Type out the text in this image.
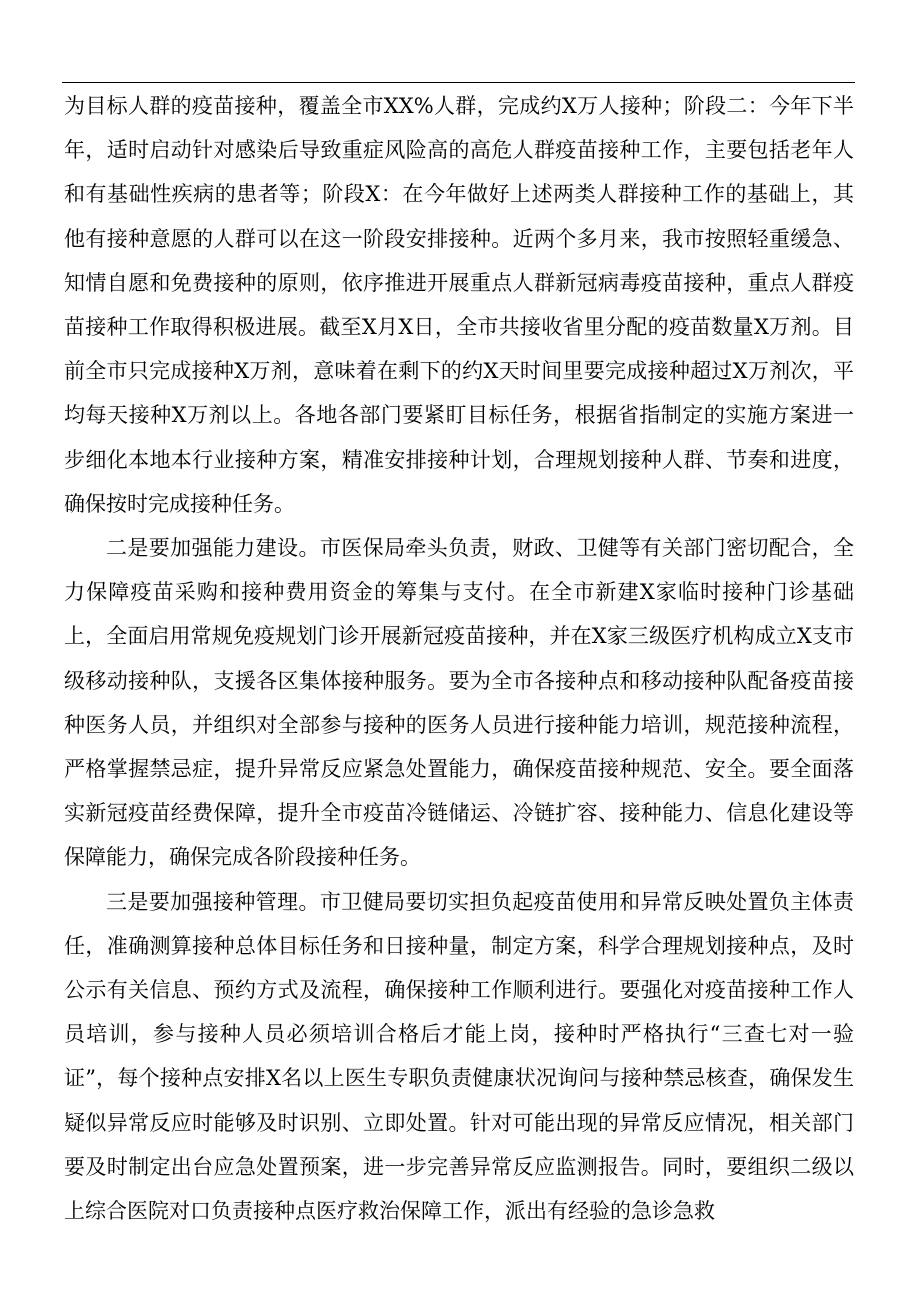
为目标人群的疫苗接种，覆盖全市XX%人群，完成约X万人接种；阶段二：今年下半年，适时启动针对感染后导致重症风险高的高危人群疫苗接种工作，主要包括老年人和有基础性疾病的患者等；阶段X：在今年做好上述两类人群接种工作的基础上，其他有接种意愿的人群可以在这一阶段安排接种。近两个多月来，我市按照轻重缓急、知情自愿和免费接种的原则，依序推进开展重点人群新冠病毒疫苗接种，重点人群疫苗接种工作取得积极进展。截至X月X日，全市共接收省里分配的疫苗数量X万剂。目前全市只完成接种X万剂，意味着在剩下的约X天时间里要完成接种超过X万剂次，平均每天接种X万剂以上。各地各部门要紧盯目标任务，根据省指制定的实施方案进一步细化本地本行业接种方案，精准安排接种计划，合理规划接种人群、节奏和进度，确保按时完成接种任务。

二是要加强能力建设。市医保局牵头负责，财政、卫健等有关部门密切配合，全力保障疫苗采购和接种费用资金的筹集与支付。在全市新建X家临时接种门诊基础上，全面启用常规免疫规划门诊开展新冠疫苗接种，并在X家三级医疗机构成立X支市级移动接种队，支援各区集体接种服务。要为全市各接种点和移动接种队配备疫苗接种医务人员，并组织对全部参与接种的医务人员进行接种能力培训，规范接种流程，严格掌握禁忌症，提升异常反应紧急处置能力，确保疫苗接种规范、安全。要全面落实新冠疫苗经费保障，提升全市疫苗冷链储运、冷链扩容、接种能力、信息化建设等保障能力，确保完成各阶段接种任务。

三是要加强接种管理。市卫健局要切实担负起疫苗使用和异常反映处置负主体责任，准确测算接种总体目标任务和日接种量，制定方案，科学合理规划接种点，及时公示有关信息、预约方式及流程，确保接种工作顺利进行。要强化对疫苗接种工作人员培训，参与接种人员必须培训合格后才能上岗，接种时严格执行“三查七对一验证”，每个接种点安排X名以上医生专职负责健康状况询问与接种禁忌核查，确保发生疑似异常反应时能够及时识别、立即处置。针对可能出现的异常反应情况，相关部门要及时制定出台应急处置预案，进一步完善异常反应监测报告。同时，要组织二级以上综合医院对口负责接种点医疗救治保障工作，派出有经验的急诊急救
